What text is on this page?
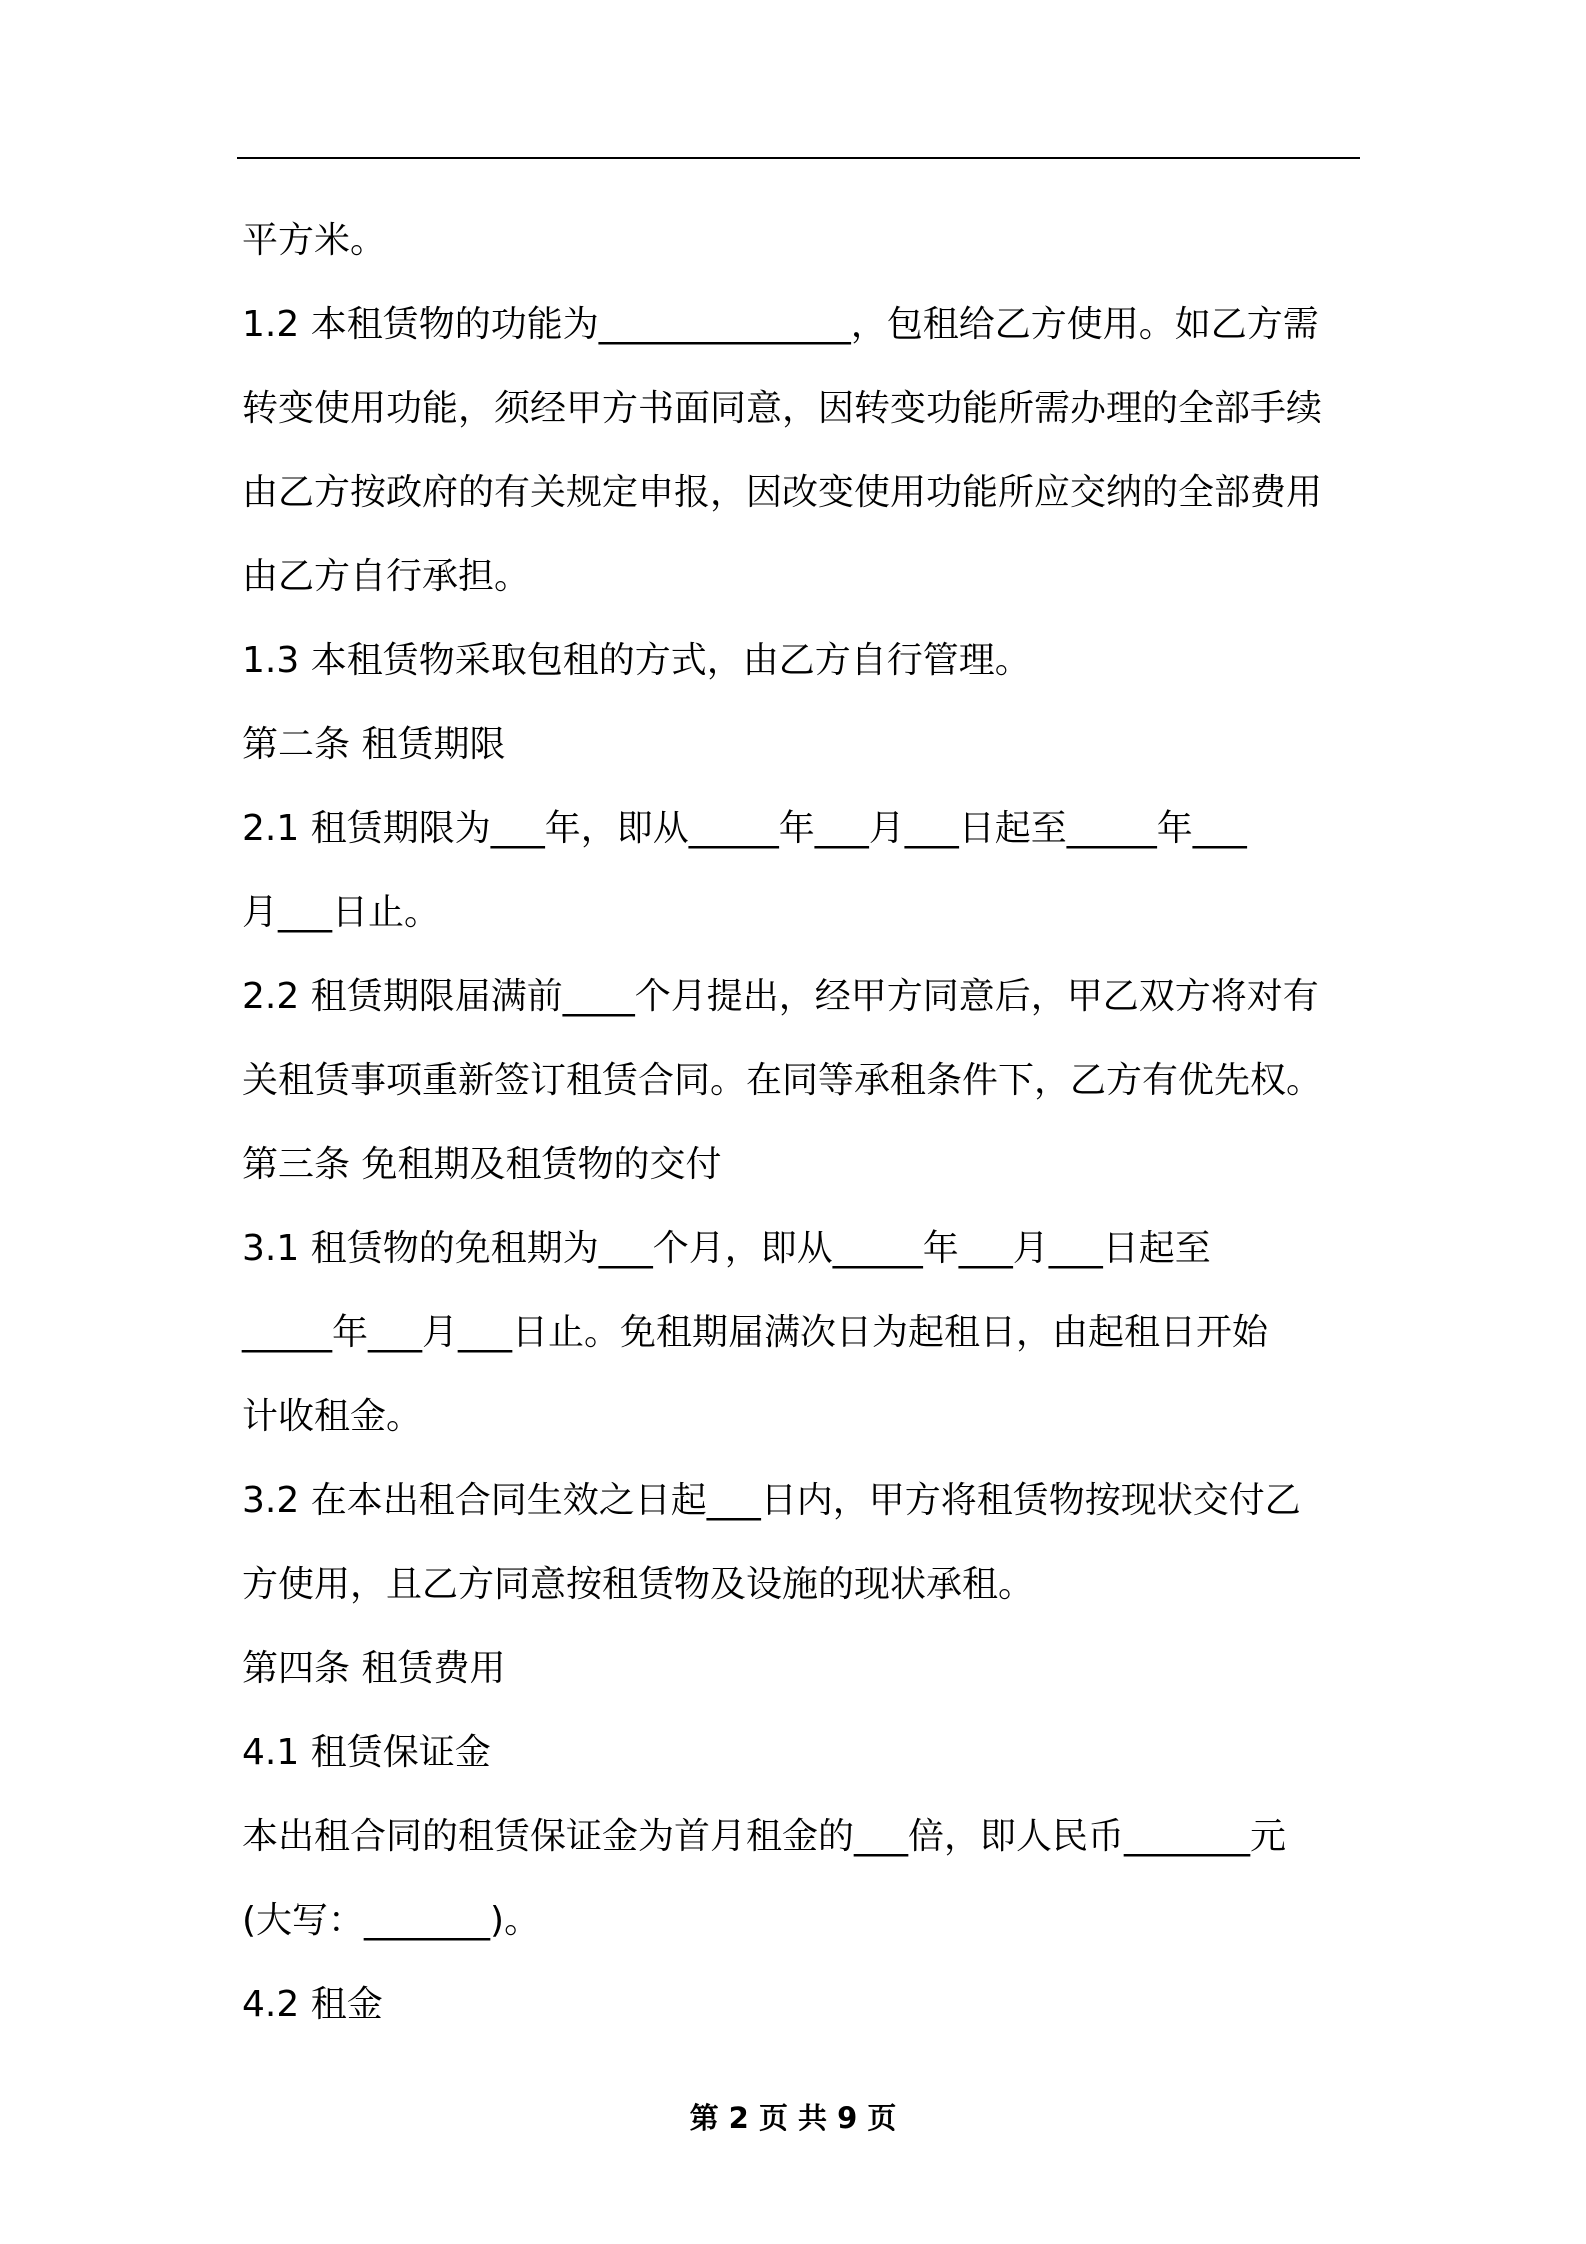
平方米。
1.2 本租赁物的功能为______________，包租给乙方使用。如乙方需
转变使用功能，须经甲方书面同意，因转变功能所需办理的全部手续
由乙方按政府的有关规定申报，因改变使用功能所应交纳的全部费用
由乙方自行承担。
1.3 本租赁物采取包租的方式，由乙方自行管理。
第二条 租赁期限
2.1 租赁期限为___年，即从_____年___月___日起至_____年___
月___日止。
2.2 租赁期限届满前____个月提出，经甲方同意后，甲乙双方将对有
关租赁事项重新签订租赁合同。在同等承租条件下，乙方有优先权。
第三条 免租期及租赁物的交付
3.1 租赁物的免租期为___个月，即从_____年___月___日起至
_____年___月___日止。免租期届满次日为起租日，由起租日开始
计收租金。
3.2 在本出租合同生效之日起___日内，甲方将租赁物按现状交付乙
方使用，且乙方同意按租赁物及设施的现状承租。
第四条 租赁费用
4.1 租赁保证金
本出租合同的租赁保证金为首月租金的___倍，即人民币_______元
(大写：_______)。
4.2 租金
第 2 页 共 9 页
